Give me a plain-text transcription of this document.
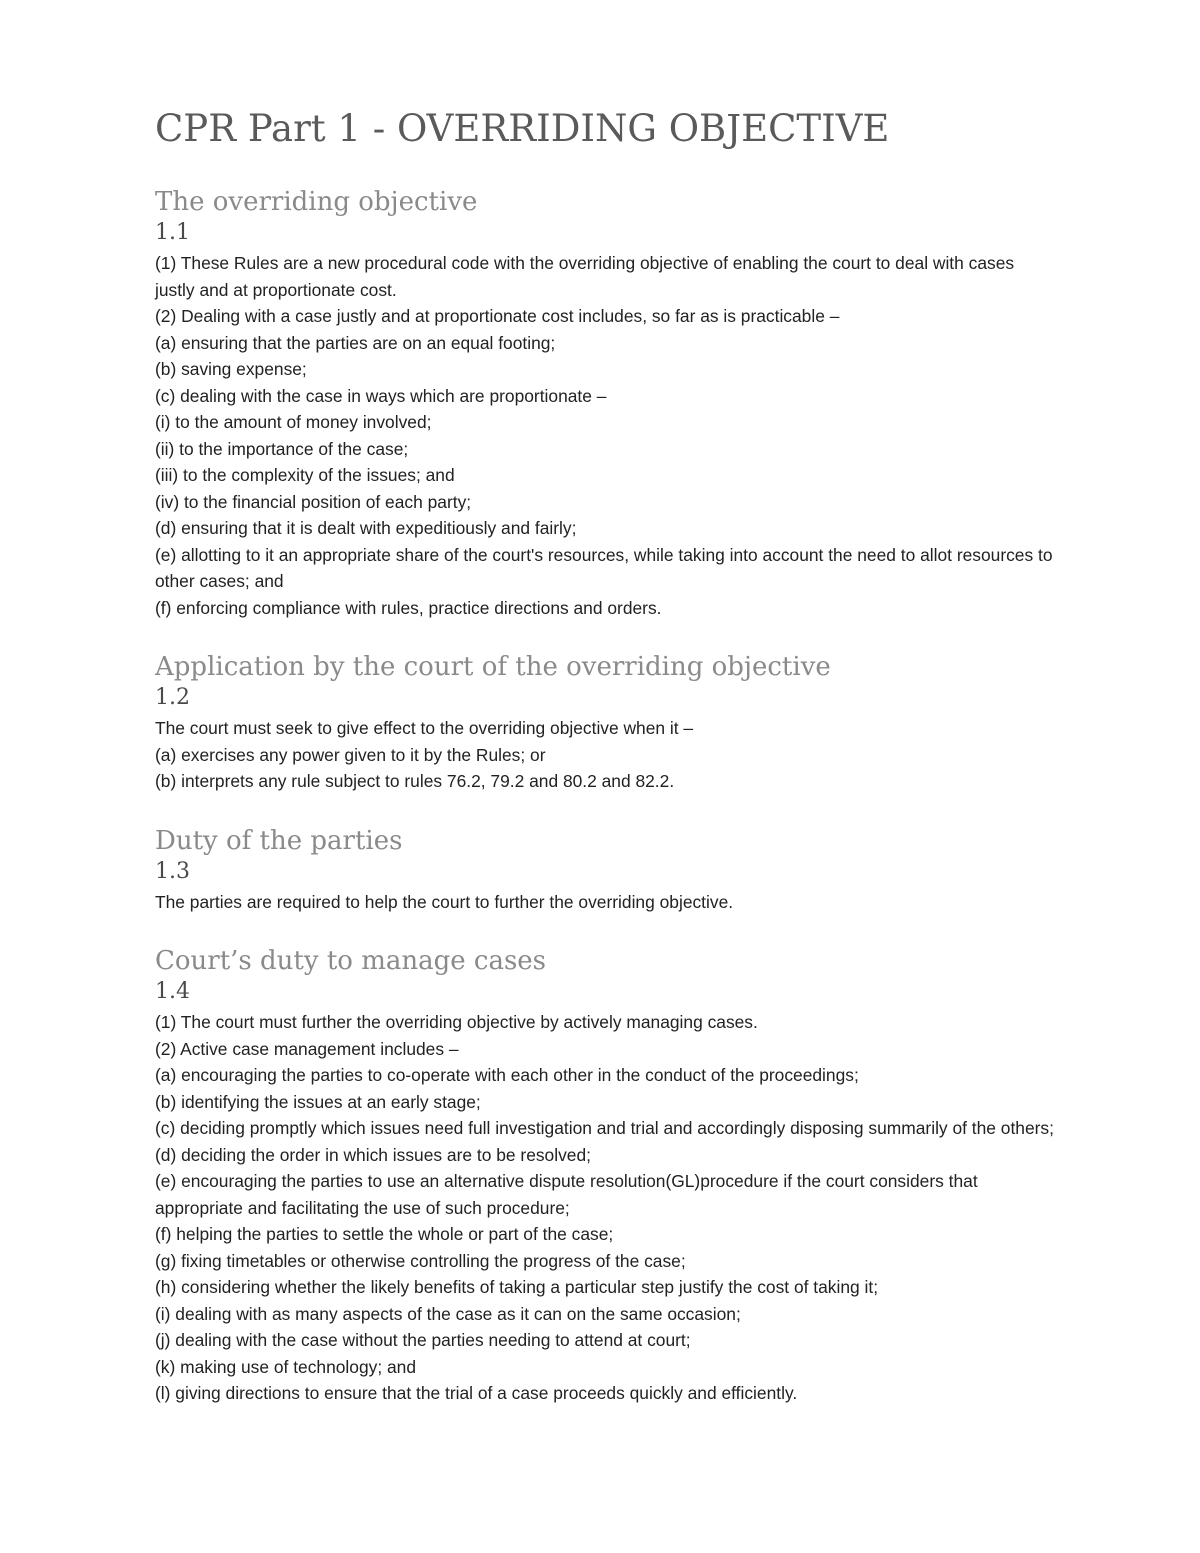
CPR Part 1 - OVERRIDING OBJECTIVE
The overriding objective
1.1
(1) These Rules are a new procedural code with the overriding objective of enabling the court to deal with cases justly and at proportionate cost.
(2) Dealing with a case justly and at proportionate cost includes, so far as is practicable –
(a) ensuring that the parties are on an equal footing;
(b) saving expense;
(c) dealing with the case in ways which are proportionate –
(i) to the amount of money involved;
(ii) to the importance of the case;
(iii) to the complexity of the issues; and
(iv) to the financial position of each party;
(d) ensuring that it is dealt with expeditiously and fairly;
(e) allotting to it an appropriate share of the court's resources, while taking into account the need to allot resources to other cases; and
(f) enforcing compliance with rules, practice directions and orders.
Application by the court of the overriding objective
1.2
The court must seek to give effect to the overriding objective when it –
(a) exercises any power given to it by the Rules; or
(b) interprets any rule subject to rules 76.2, 79.2 and 80.2 and 82.2.
Duty of the parties
1.3
The parties are required to help the court to further the overriding objective.
Court’s duty to manage cases
1.4
(1) The court must further the overriding objective by actively managing cases.
(2) Active case management includes –
(a) encouraging the parties to co-operate with each other in the conduct of the proceedings;
(b) identifying the issues at an early stage;
(c) deciding promptly which issues need full investigation and trial and accordingly disposing summarily of the others;
(d) deciding the order in which issues are to be resolved;
(e) encouraging the parties to use an alternative dispute resolution(GL)procedure if the court considers that appropriate and facilitating the use of such procedure;
(f) helping the parties to settle the whole or part of the case;
(g) fixing timetables or otherwise controlling the progress of the case;
(h) considering whether the likely benefits of taking a particular step justify the cost of taking it;
(i) dealing with as many aspects of the case as it can on the same occasion;
(j) dealing with the case without the parties needing to attend at court;
(k) making use of technology; and
(l) giving directions to ensure that the trial of a case proceeds quickly and efficiently.
